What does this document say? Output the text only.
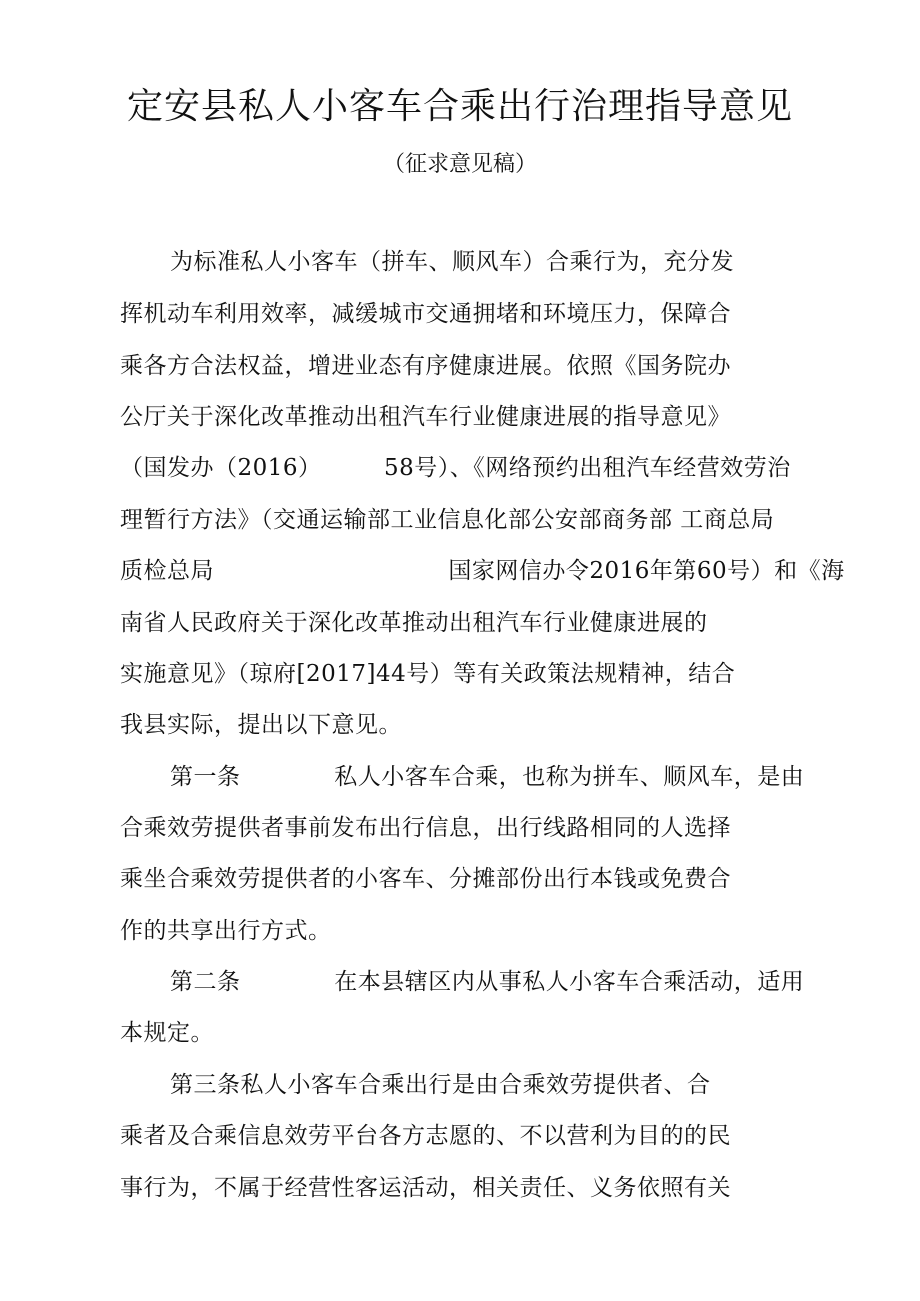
定安县私人小客车合乘出行治理指导意见
（征求意见稿）
为标准私人小客车（拼车、顺风车）合乘行为，充分发
挥机动车利用效率，减缓城市交通拥堵和环境压力，保障合
乘各方合法权益，增进业态有序健康进展。依照《国务院办
公厅关于深化改革推动出租汽车行业健康进展的指导意见》
（国发办（2016）        58号）、《网络预约出租汽车经营效劳治
理暂行方法》（交通运输部工业信息化部公安部商务部 工商总局
质检总局                              国家网信办令2016年第60号）和《海
南省人民政府关于深化改革推动出租汽车行业健康进展的
实施意见》（琼府[2017]44号）等有关政策法规精神，结合
我县实际，提出以下意见。
第一条            私人小客车合乘，也称为拼车、顺风车，是由
合乘效劳提供者事前发布出行信息，出行线路相同的人选择
乘坐合乘效劳提供者的小客车、分摊部份出行本钱或免费合
作的共享出行方式。
第二条            在本县辖区内从事私人小客车合乘活动，适用
本规定。
第三条私人小客车合乘出行是由合乘效劳提供者、合
乘者及合乘信息效劳平台各方志愿的、不以营利为目的的民
事行为，不属于经营性客运活动，相关责任、义务依照有关
